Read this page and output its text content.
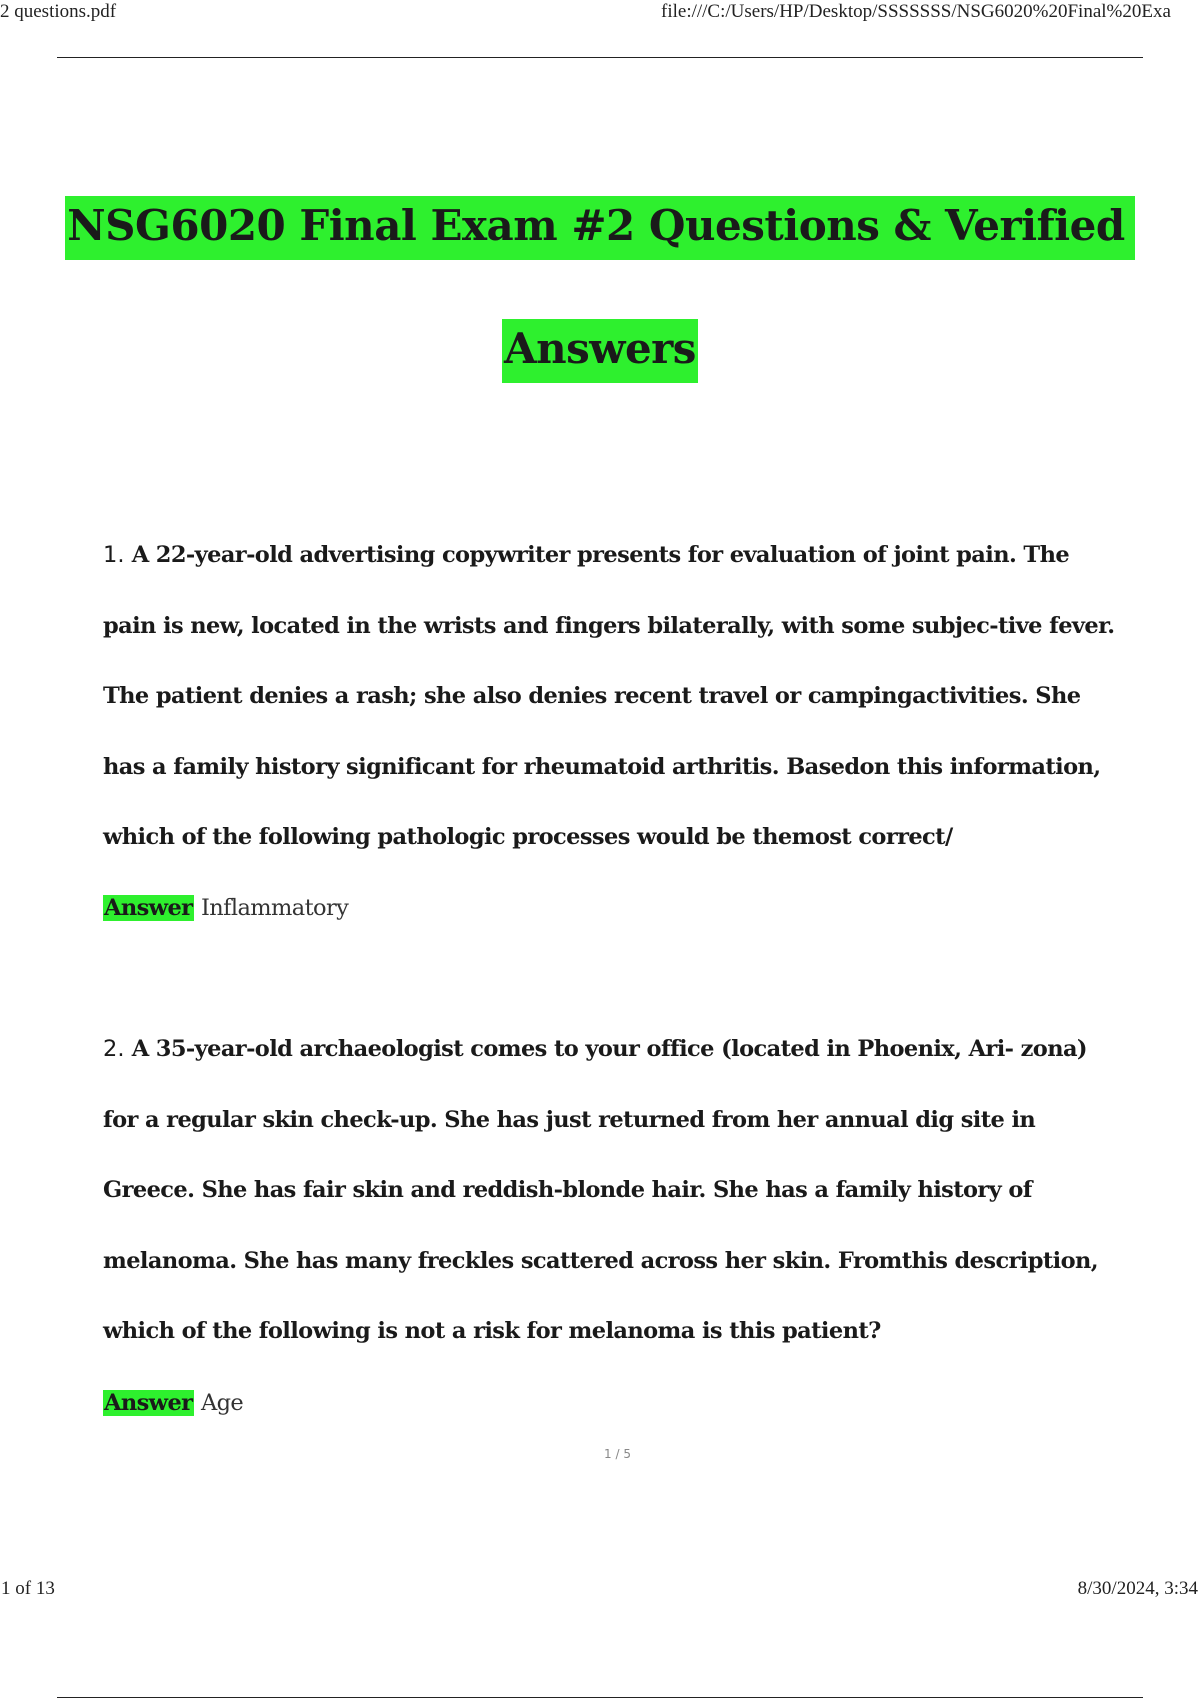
2 questions.pdf	file:///C:/Users/HP/Desktop/SSSSSSS/NSG6020%20Final%20Exa
NSG6020 Final Exam #2 Questions & Verified
Answers
1. A 22-year-old advertising copywriter presents for evaluation of joint pain. The pain is new, located in the wrists and fingers bilaterally, with some subjec-tive fever. The patient denies a rash; she also denies recent travel or campingactivities. She has a family history significant for rheumatoid arthritis. Basedon this information, which of the following pathologic processes would be themost correct/
Answer Inflammatory
2. A 35-year-old archaeologist comes to your office (located in Phoenix, Ari- zona) for a regular skin check-up. She has just returned from her annual dig site in Greece. She has fair skin and reddish-blonde hair. She has a family history of melanoma. She has many freckles scattered across her skin. Fromthis description, which of the following is not a risk for melanoma is this patient?
Answer Age
1 / 5
1 of 13	8/30/2024, 3:34
